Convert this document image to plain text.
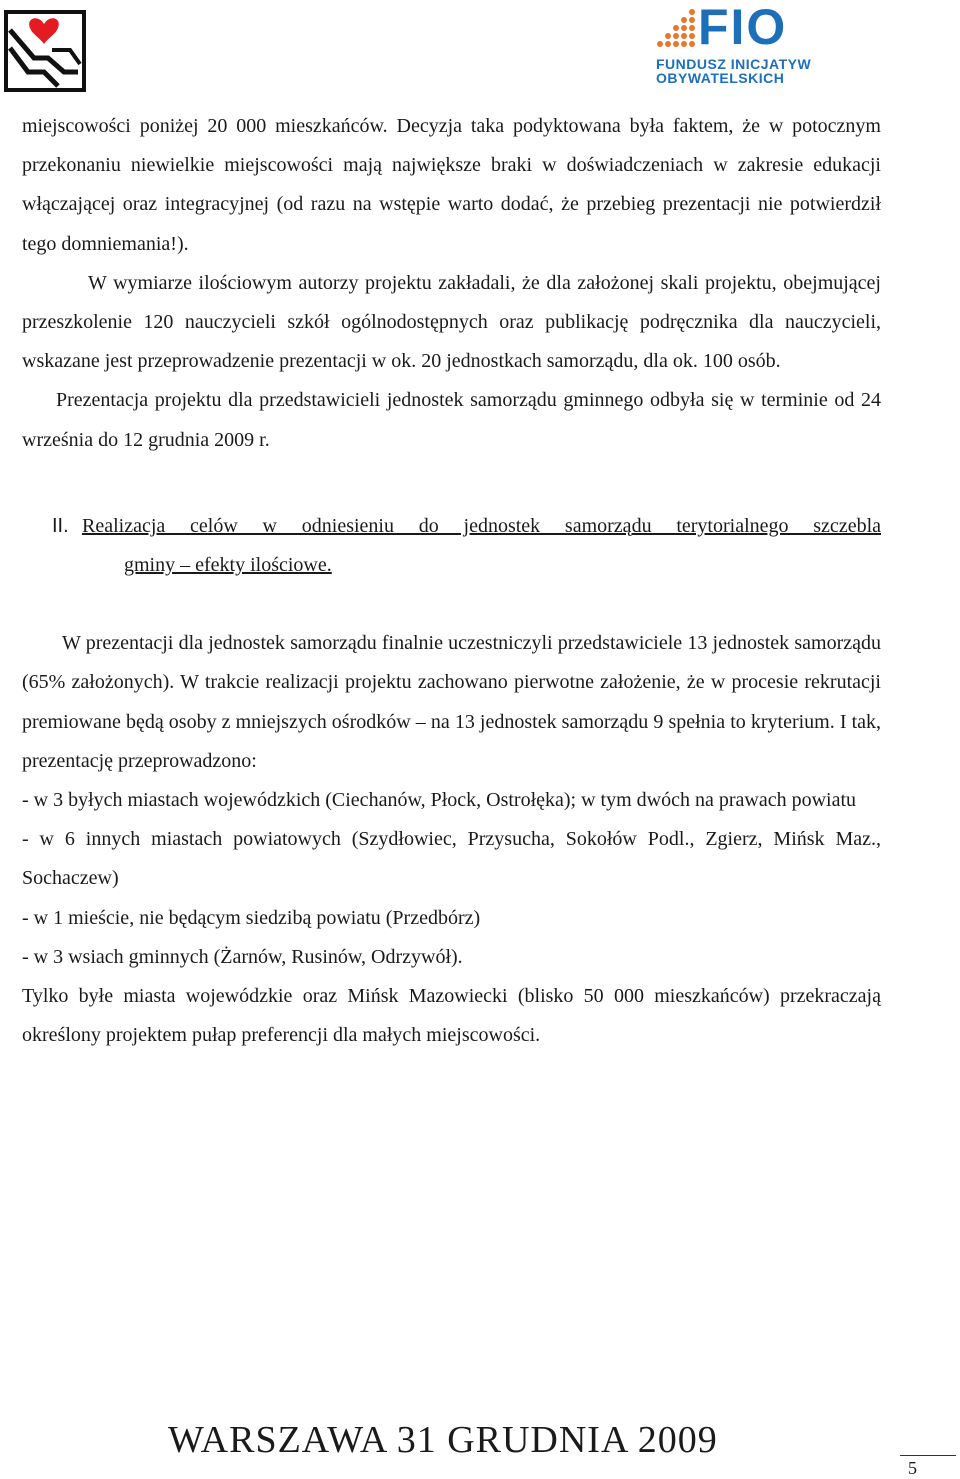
FIO
FUNDUSZ INICJATYW
OBYWATELSKICH

miejscowości poniżej 20 000 mieszkańców. Decyzja taka podyktowana była faktem, że w potocznym przekonaniu niewielkie miejscowości mają największe braki w doświadczeniach w zakresie edukacji włączającej oraz integracyjnej (od razu na wstępie warto dodać, że przebieg prezentacji nie potwierdził tego domniemania!).

W wymiarze ilościowym autorzy projektu zakładali, że dla założonej skali projektu, obejmującej przeszkolenie 120 nauczycieli szkół ogólnodostępnych oraz publikację podręcznika dla nauczycieli, wskazane jest przeprowadzenie prezentacji w ok. 20 jednostkach samorządu, dla ok. 100 osób.

Prezentacja projektu dla przedstawicieli jednostek samorządu gminnego odbyła się w terminie od 24 września do 12 grudnia 2009 r.

II. Realizacja celów w odniesieniu do jednostek samorządu terytorialnego szczebla
gminy – efekty ilościowe.

W prezentacji dla jednostek samorządu finalnie uczestniczyli przedstawiciele 13 jednostek samorządu (65% założonych). W trakcie realizacji projektu zachowano pierwotne założenie, że w procesie rekrutacji premiowane będą osoby z mniejszych ośrodków – na 13 jednostek samorządu 9 spełnia to kryterium. I tak, prezentację przeprowadzono:

- w 3 byłych miastach wojewódzkich (Ciechanów, Płock, Ostrołęka); w tym dwóch na prawach powiatu

- w 6 innych miastach powiatowych (Szydłowiec, Przysucha, Sokołów Podl., Zgierz, Mińsk Maz., Sochaczew)

- w 1 mieście, nie będącym siedzibą powiatu (Przedbórz)

- w 3 wsiach gminnych (Żarnów, Rusinów, Odrzywół).

Tylko byłe miasta wojewódzkie oraz Mińsk Mazowiecki (blisko 50 000 mieszkańców) przekraczają określony projektem pułap preferencji dla małych miejscowości.

WARSZAWA 31 GRUDNIA 2009
5
